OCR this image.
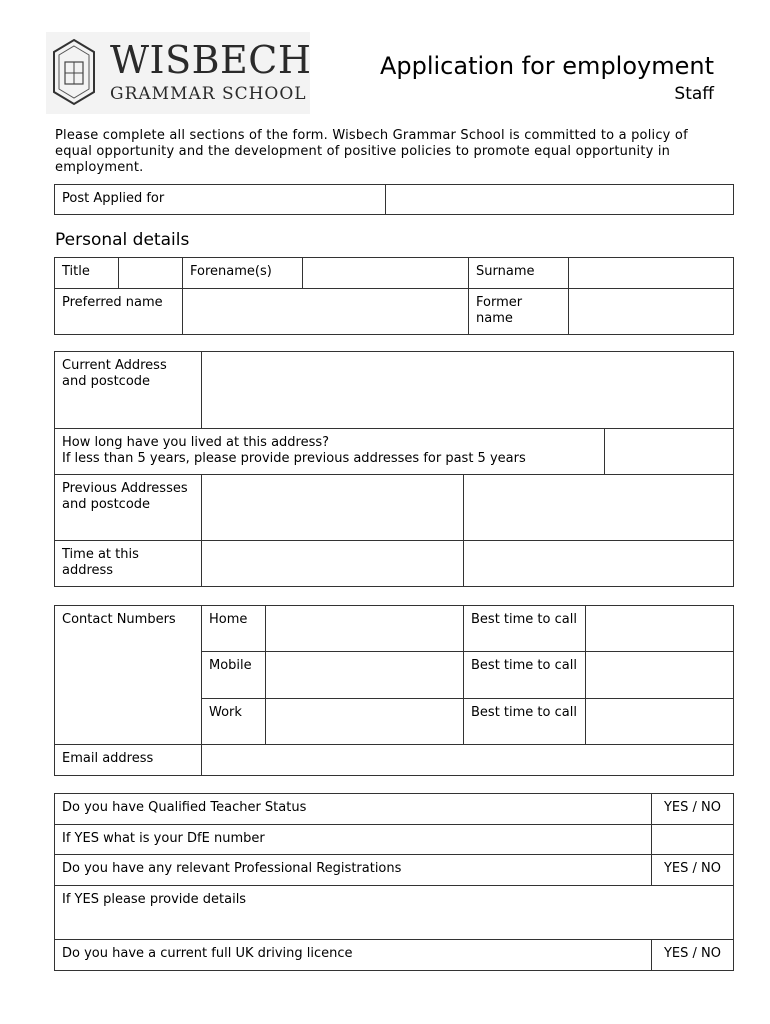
WISBECH
GRAMMAR SCHOOL
Application for employment
Staff
Please complete all sections of the form. Wisbech Grammar School is committed to a policy of equal opportunity and the development of positive policies to promote equal opportunity in employment.
Post Applied for	
Personal details
Title		Forename(s)		Surname	
Preferred name				Former name	
Current Address and postcode			

How long have you lived at this address?
If less than 5 years, please provide previous addresses for past 5 years			

Previous Addresses and postcode			
Time at this address			
Contact Numbers	Home		Best time to call	
	Mobile		Best time to call	
	Work		Best time to call	
Email address				
Do you have Qualified Teacher Status	YES / NO
If YES what is your DfE number	
Do you have any relevant Professional Registrations	YES / NO
If YES please provide details	
Do you have a current full UK driving licence	YES / NO
